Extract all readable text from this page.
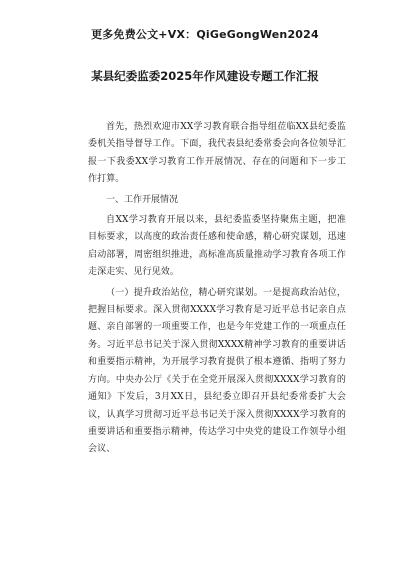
更多免费公文+VX：QiGeGongWen2024
某县纪委监委2025年作风建设专题工作汇报

首先，热烈欢迎市XX学习教育联合指导组莅临XX县纪委监委机关指导督导工作。下面，我代表县纪委常委会向各位领导汇报一下我委XX学习教育工作开展情况、存在的问题和下一步工作打算。

一、工作开展情况

自XX学习教育开展以来，县纪委监委坚持聚焦主题，把准目标要求，以高度的政治责任感和使命感，精心研究谋划，迅速启动部署，周密组织推进，高标准高质量推动学习教育各项工作走深走实、见行见效。

（一）提升政治站位，精心研究谋划。一是提高政治站位，把握目标要求。深入贯彻XXXX学习教育是习近平总书记亲自点题、亲自部署的一项重要工作，也是今年党建工作的一项重点任务。习近平总书记关于深入贯彻XXXX精神学习教育的重要讲话和重要指示精神，为开展学习教育提供了根本遵循、指明了努力方向。中央办公厅《关于在全党开展深入贯彻XXXX学习教育的通知》下发后，3月XX日，县纪委立即召开县纪委常委扩大会议，认真学习贯彻习近平总书记关于深入贯彻XXXX学习教育的重要讲话和重要指示精神，传达学习中央党的建设工作领导小组会议、
